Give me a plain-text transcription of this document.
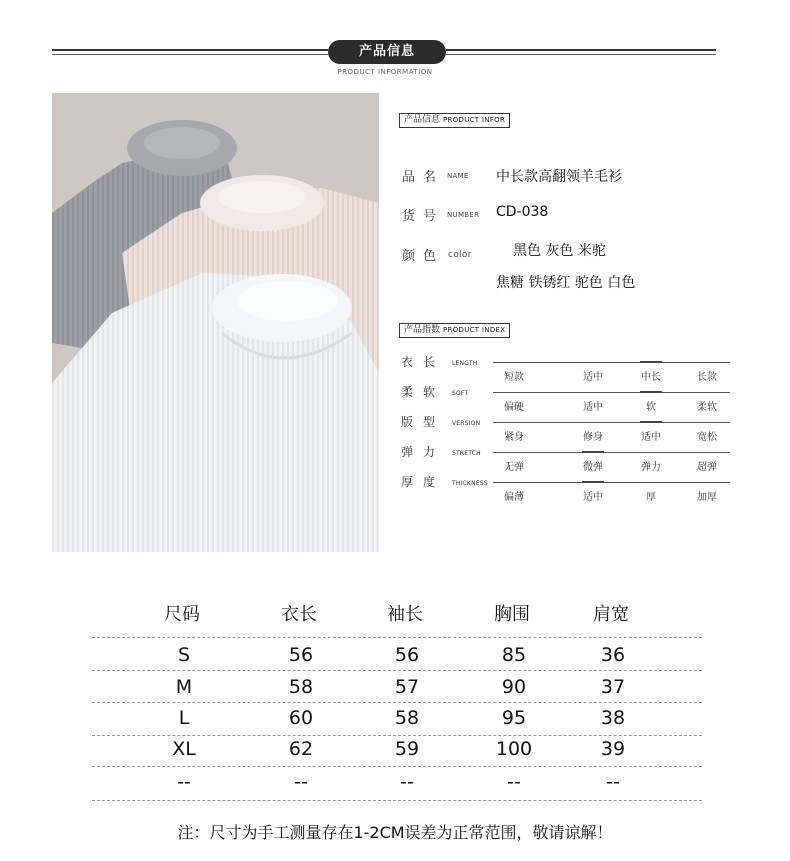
产品信息
PRODUCT INFORMATION
产品信息 PRODUCT INFOR
品名 NAME 中长款高翻领羊毛衫
货号 NUMBER CD-038
颜色 color	黑色 灰色 米驼
焦糖 铁锈红 驼色 白色
产品指数 PRODUCT INDEX
衣长 LENGTH
短款	适中	中长	长款
柔软 SOFT
偏硬	适中	软	柔软
版型 VERSION
紧身	修身	适中	宽松
弹力 STRETCH
无弹	微弹	弹力	超弹
厚度 THICKNESS
偏薄	适中	厚	加厚
尺码	衣长	袖长	胸围	肩宽
S	56	56	85	36
M	58	57	90	37
L	60	58	95	38
XL	62	59	100	39
--	--	--	--	--
注：尺寸为手工测量存在1-2CM误差为正常范围，敬请谅解！
